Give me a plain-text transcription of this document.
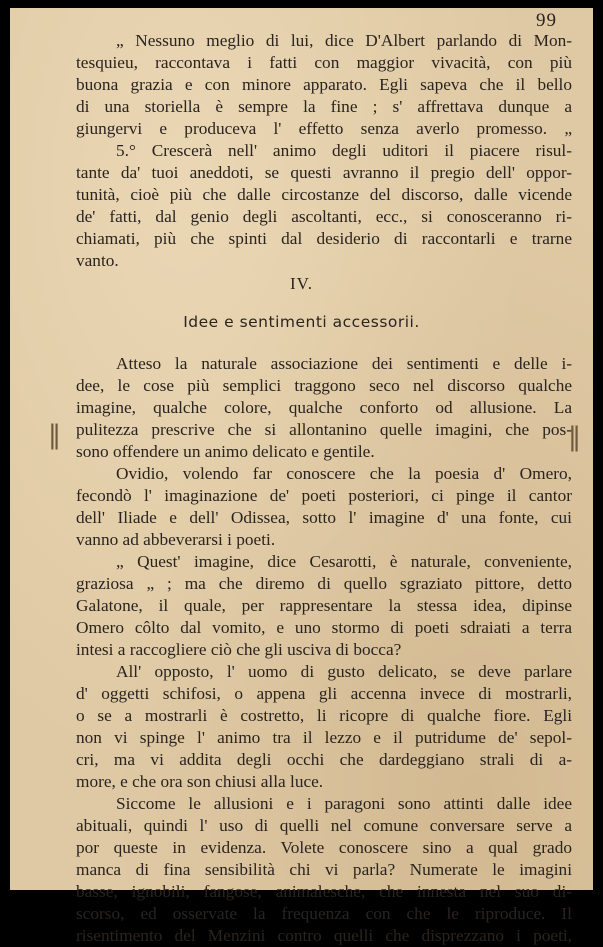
99
„ Nessuno meglio di lui, dice D'Albert parlando di Mon-
tesquieu, raccontava i fatti con maggior vivacità, con più
buona grazia e con minore apparato. Egli sapeva che il bello
di una storiella è sempre la fine ; s' affrettava dunque a
giungervi e produceva l' effetto senza averlo promesso. „
5.° Crescerà nell' animo degli uditori il piacere risul-
tante da' tuoi aneddoti, se questi avranno il pregio dell' oppor-
tunità, cioè più che dalle circostanze del discorso, dalle vicende
de' fatti, dal genio degli ascoltanti, ecc., si conosceranno ri-
chiamati, più che spinti dal desiderio di raccontarli e trarne
vanto.
IV.
Idee e sentimenti accessorii.
Atteso la naturale associazione dei sentimenti e delle i-
dee, le cose più semplici traggono seco nel discorso qualche
imagine, qualche colore, qualche conforto od allusione. La
pulitezza prescrive che si allontanino quelle imagini, che pos-
sono offendere un animo delicato e gentile.
Ovidio, volendo far conoscere che la poesia d' Omero,
fecondò l' imaginazione de' poeti posteriori, ci pinge il cantor
dell' Iliade e dell' Odissea, sotto l' imagine d' una fonte, cui
vanno ad abbeverarsi i poeti.
„ Quest' imagine, dice Cesarotti, è naturale, conveniente,
graziosa „ ; ma che diremo di quello sgraziato pittore, detto
Galatone, il quale, per rappresentare la stessa idea, dipinse
Omero côlto dal vomito, e uno stormo di poeti sdraiati a terra
intesi a raccogliere ciò che gli usciva di bocca?
All' opposto, l' uomo di gusto delicato, se deve parlare
d' oggetti schifosi, o appena gli accenna invece di mostrarli,
o se a mostrarli è costretto, li ricopre di qualche fiore. Egli
non vi spinge l' animo tra il lezzo e il putridume de' sepol-
cri, ma vi addita degli occhi che dardeggiano strali di a-
more, e che ora son chiusi alla luce.
Siccome le allusioni e i paragoni sono attinti dalle idee
abituali, quindi l' uso di quelli nel comune conversare serve a
por queste in evidenza. Volete conoscere sino a qual grado
manca di fina sensibilità chi vi parla? Numerate le imagini
basse, ignobili, fangose, animalesche, che innesta nel suo di-
scorso, ed osservate la frequenza con che le riproduce. Il
risentimento del Menzini contro quelli che disprezzano i poeti,
‖	‖
